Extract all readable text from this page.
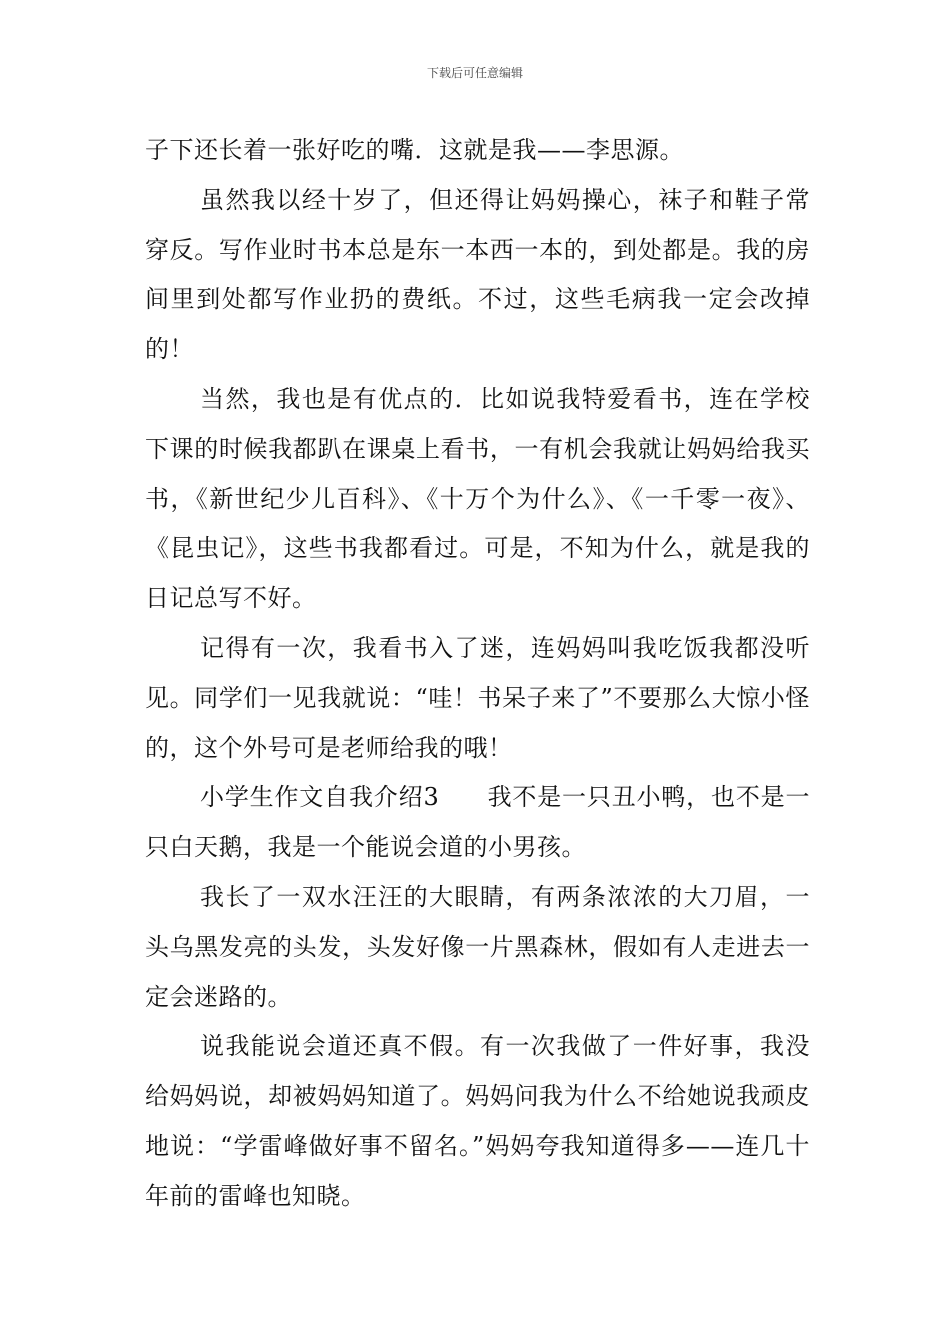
下载后可任意编辑

子下还长着一张好吃的嘴．这就是我——李思源。

虽然我以经十岁了，但还得让妈妈操心，袜子和鞋子常穿反。写作业时书本总是东一本西一本的，到处都是。我的房间里到处都写作业扔的费纸。不过，这些毛病我一定会改掉的！

当然，我也是有优点的．比如说我特爱看书，连在学校下课的时候我都趴在课桌上看书，一有机会我就让妈妈给我买书，《新世纪少儿百科》、《十万个为什么》、《一千零一夜》、《昆虫记》，这些书我都看过。可是，不知为什么，就是我的日记总写不好。

记得有一次，我看书入了迷，连妈妈叫我吃饭我都没听见。同学们一见我就说：“哇！书呆子来了”不要那么大惊小怪的，这个外号可是老师给我的哦！

小学生作文自我介绍3 我不是一只丑小鸭，也不是一只白天鹅，我是一个能说会道的小男孩。

我长了一双水汪汪的大眼睛，有两条浓浓的大刀眉，一头乌黑发亮的头发，头发好像一片黑森林，假如有人走进去一定会迷路的。

说我能说会道还真不假。有一次我做了一件好事，我没给妈妈说，却被妈妈知道了。妈妈问我为什么不给她说我顽皮地说：“学雷峰做好事不留名。”妈妈夸我知道得多——连几十年前的雷峰也知晓。
